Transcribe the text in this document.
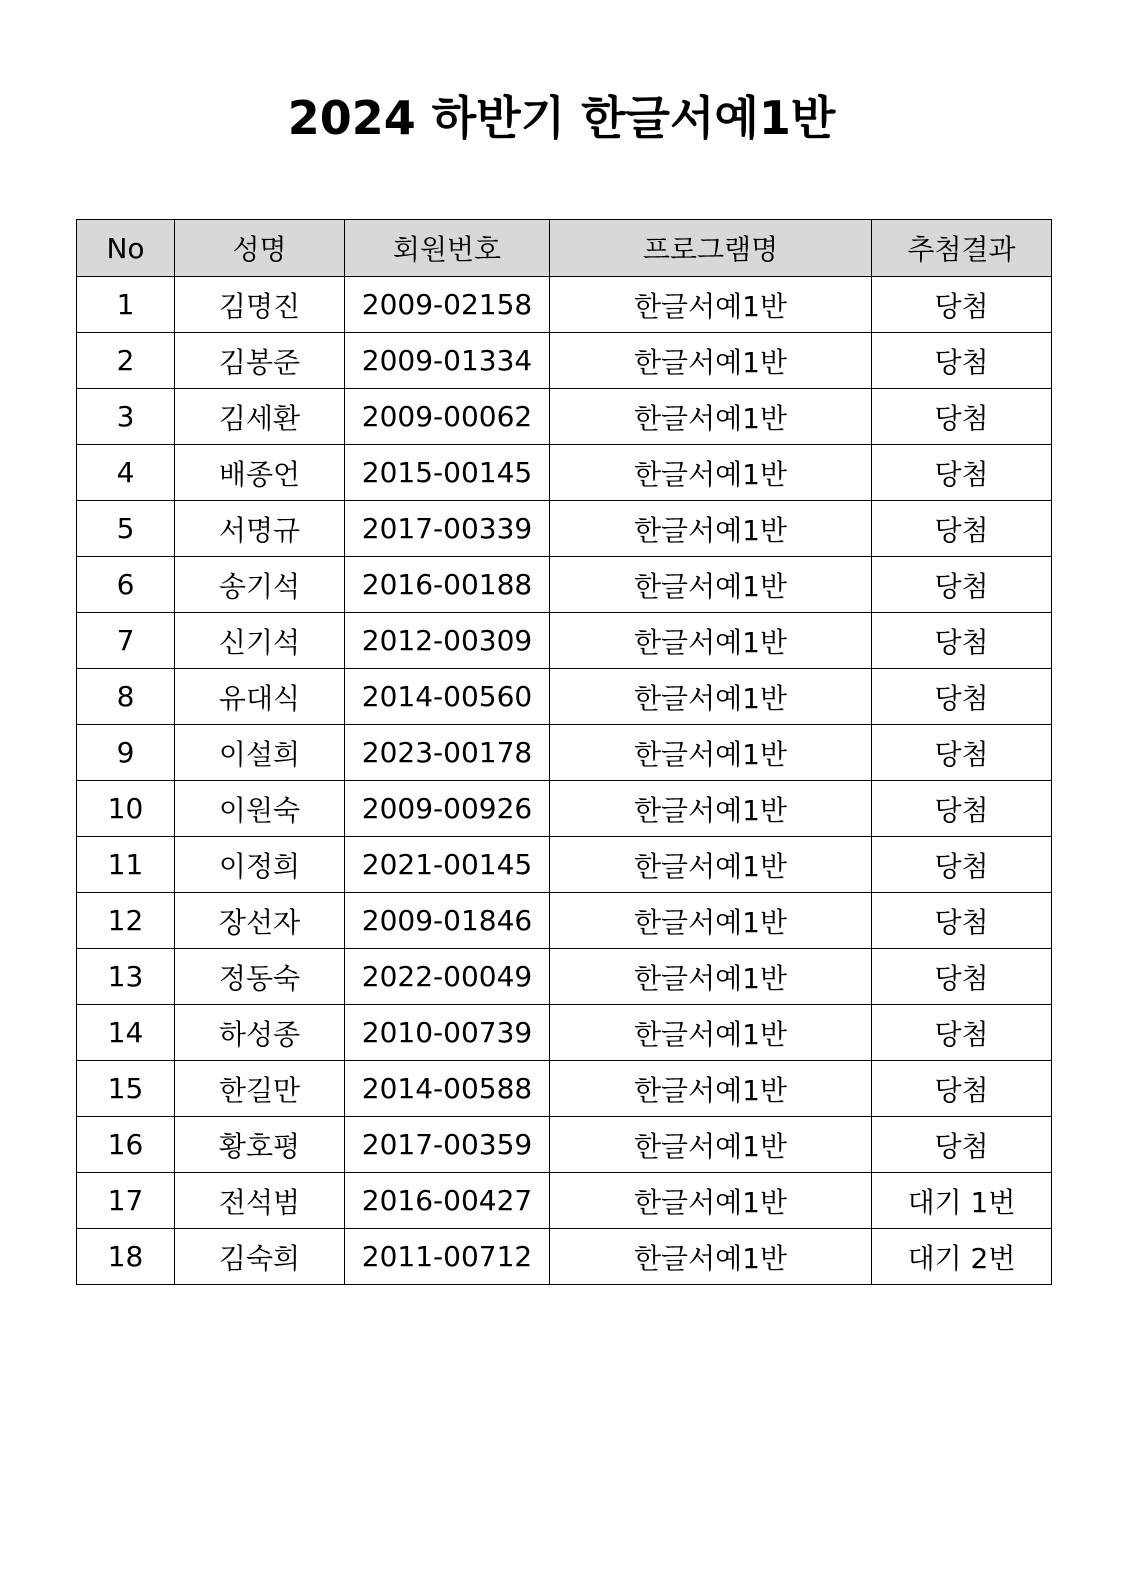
2024 하반기 한글서예1반
No	성명	회원번호	프로그램명	추첨결과
1	김명진	2009-02158	한글서예1반	당첨
2	김봉준	2009-01334	한글서예1반	당첨
3	김세환	2009-00062	한글서예1반	당첨
4	배종언	2015-00145	한글서예1반	당첨
5	서명규	2017-00339	한글서예1반	당첨
6	송기석	2016-00188	한글서예1반	당첨
7	신기석	2012-00309	한글서예1반	당첨
8	유대식	2014-00560	한글서예1반	당첨
9	이설희	2023-00178	한글서예1반	당첨
10	이원숙	2009-00926	한글서예1반	당첨
11	이정희	2021-00145	한글서예1반	당첨
12	장선자	2009-01846	한글서예1반	당첨
13	정동숙	2022-00049	한글서예1반	당첨
14	하성종	2010-00739	한글서예1반	당첨
15	한길만	2014-00588	한글서예1반	당첨
16	황호평	2017-00359	한글서예1반	당첨
17	전석범	2016-00427	한글서예1반	대기 1번
18	김숙희	2011-00712	한글서예1반	대기 2번
